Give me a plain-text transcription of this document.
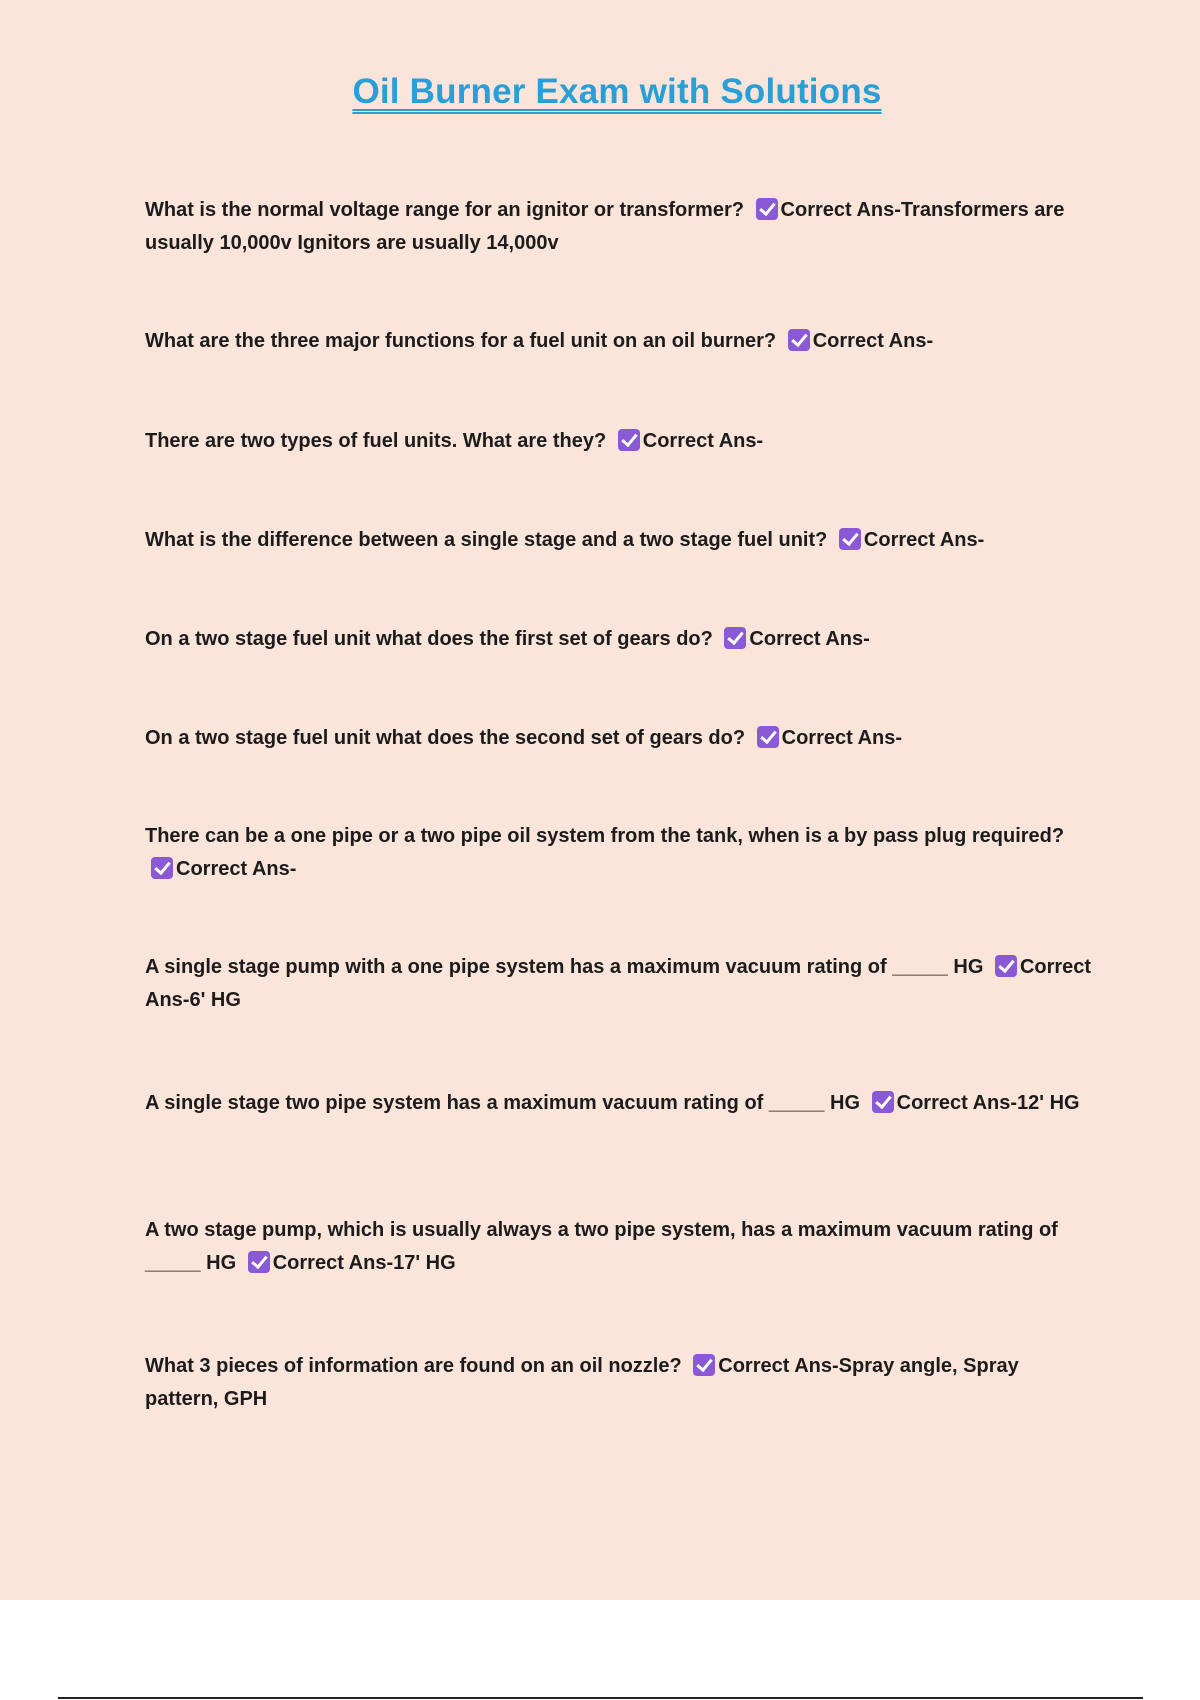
Oil Burner Exam with Solutions

What is the normal voltage range for an ignitor or transformer? Correct Ans-Transformers are usually 10,000v Ignitors are usually 14,000v

What are the three major functions for a fuel unit on an oil burner? Correct Ans-

There are two types of fuel units. What are they? Correct Ans-

What is the difference between a single stage and a two stage fuel unit? Correct Ans-

On a two stage fuel unit what does the first set of gears do? Correct Ans-

On a two stage fuel unit what does the second set of gears do? Correct Ans-

There can be a one pipe or a two pipe oil system from the tank, when is a by pass plug required? Correct Ans-

A single stage pump with a one pipe system has a maximum vacuum rating of _____ HG Correct Ans-6' HG

A single stage two pipe system has a maximum vacuum rating of _____ HG Correct Ans-12' HG

A two stage pump, which is usually always a two pipe system, has a maximum vacuum rating of _____ HG Correct Ans-17' HG

What 3 pieces of information are found on an oil nozzle? Correct Ans-Spray angle, Spray pattern, GPH
